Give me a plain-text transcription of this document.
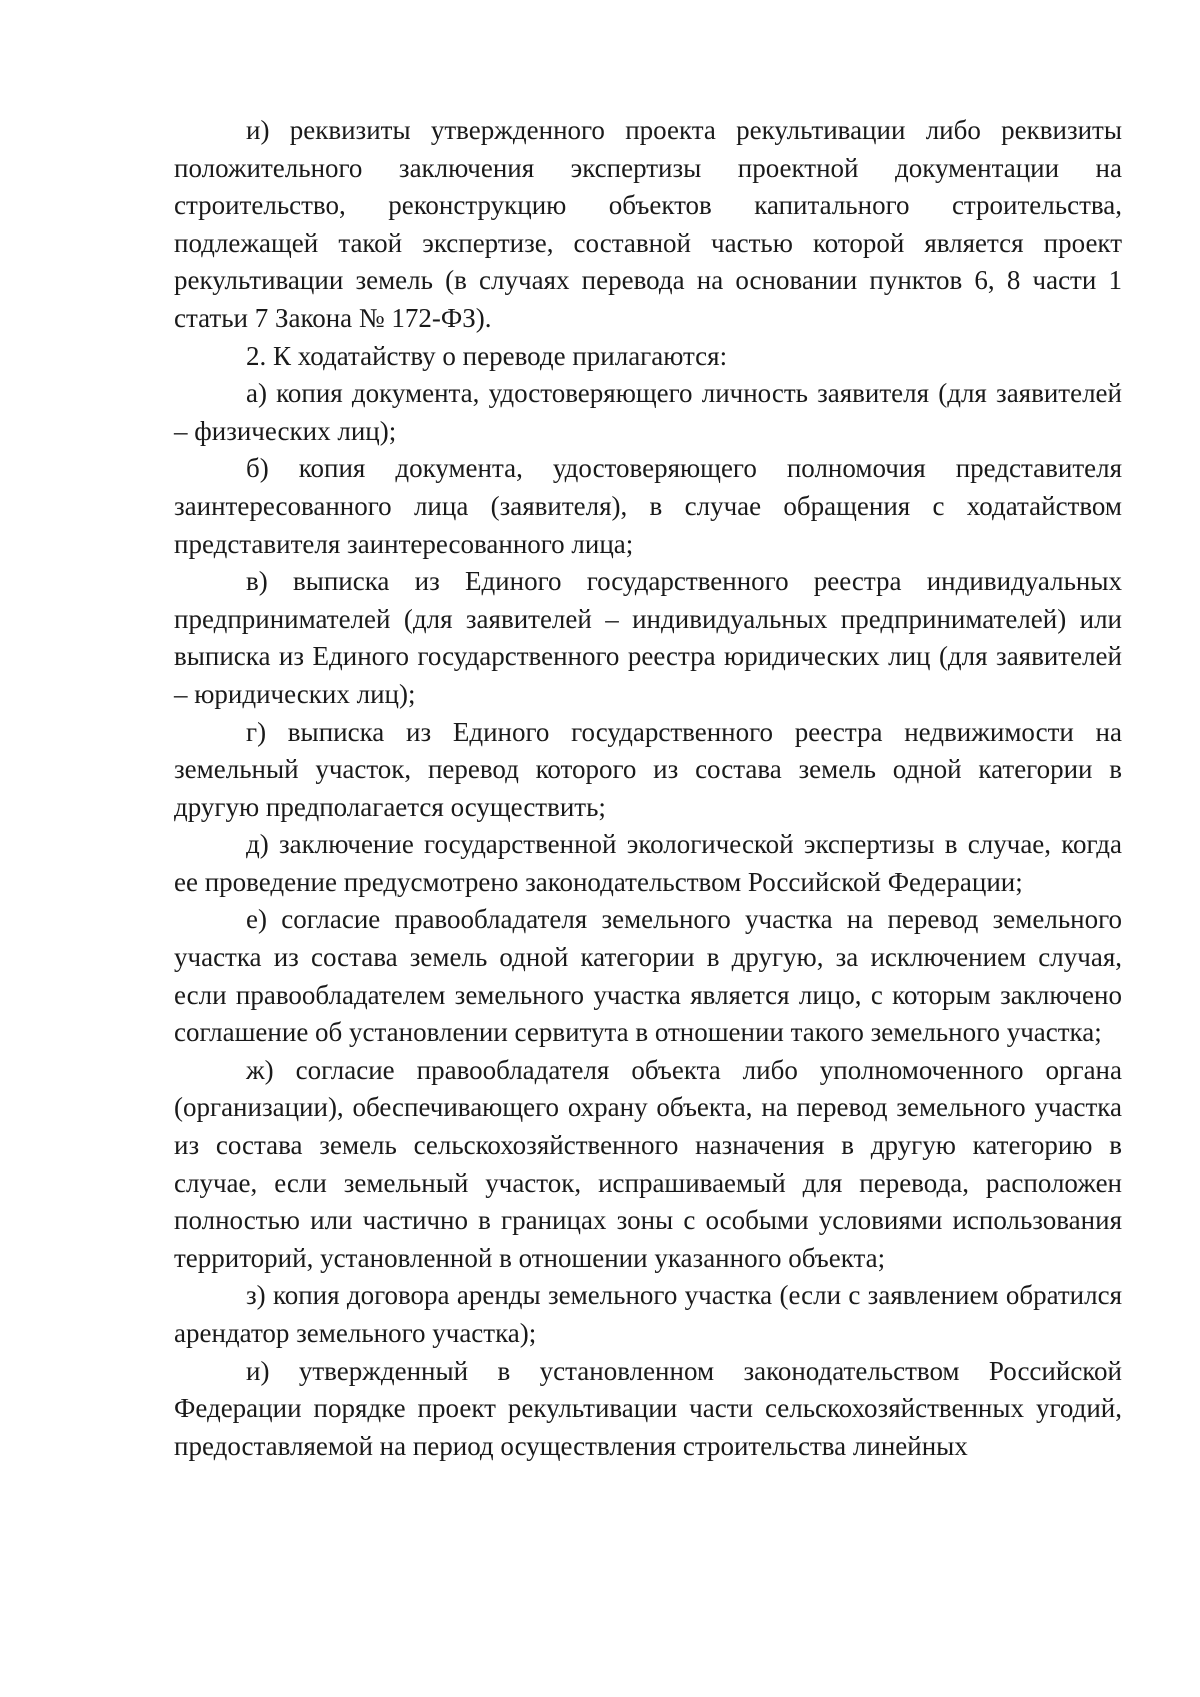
и) реквизиты утвержденного проекта рекультивации либо реквизиты положительного заключения экспертизы проектной документации на строительство, реконструкцию объектов капитального строительства, подлежащей такой экспертизе, составной частью которой является проект рекультивации земель (в случаях перевода на основании пунктов 6, 8 части 1 статьи 7 Закона № 172-ФЗ).

2. К ходатайству о переводе прилагаются:

а) копия документа, удостоверяющего личность заявителя (для заявителей – физических лиц);

б) копия документа, удостоверяющего полномочия представителя заинтересованного лица (заявителя), в случае обращения с ходатайством представителя заинтересованного лица;

в) выписка из Единого государственного реестра индивидуальных предпринимателей (для заявителей – индивидуальных предпринимателей) или выписка из Единого государственного реестра юридических лиц (для заявителей – юридических лиц);

г) выписка из Единого государственного реестра недвижимости на земельный участок, перевод которого из состава земель одной категории в другую предполагается осуществить;

д) заключение государственной экологической экспертизы в случае, когда ее проведение предусмотрено законодательством Российской Федерации;

е) согласие правообладателя земельного участка на перевод земельного участка из состава земель одной категории в другую, за исключением случая, если правообладателем земельного участка является лицо, с которым заключено соглашение об установлении сервитута в отношении такого земельного участка;

ж) согласие правообладателя объекта либо уполномоченного органа (организации), обеспечивающего охрану объекта, на перевод земельного участка из состава земель сельскохозяйственного назначения в другую категорию в случае, если земельный участок, испрашиваемый для перевода, расположен полностью или частично в границах зоны с особыми условиями использования территорий, установленной в отношении указанного объекта;

з) копия договора аренды земельного участка (если с заявлением обратился арендатор земельного участка);

и) утвержденный в установленном законодательством Российской Федерации порядке проект рекультивации части сельскохозяйственных угодий, предоставляемой на период осуществления строительства линейных
